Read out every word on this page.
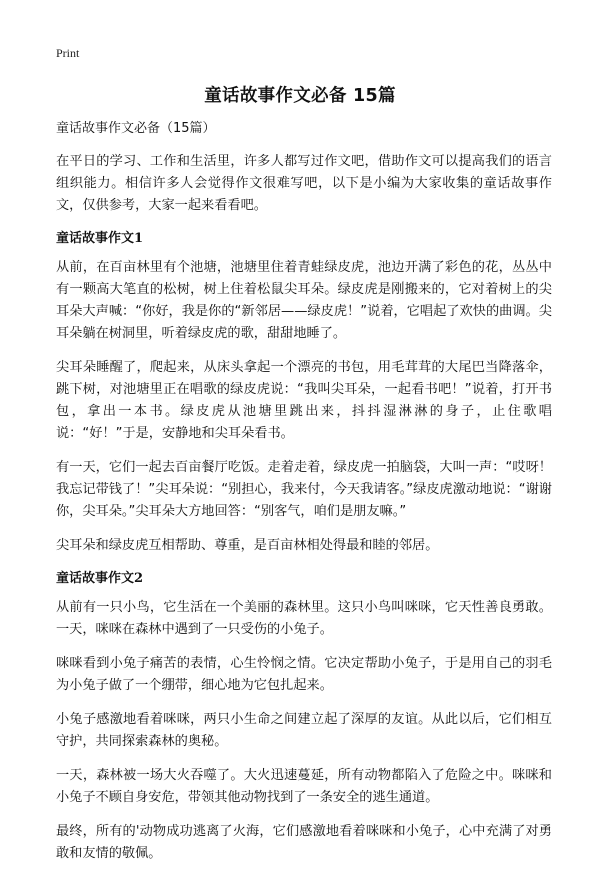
Print
童话故事作文必备 15篇

童话故事作文必备（15篇）

在平日的学习、工作和生活里，许多人都写过作文吧，借助作文可以提高我们的语言组织能力。相信许多人会觉得作文很难写吧，以下是小编为大家收集的童话故事作文，仅供参考，大家一起来看看吧。

童话故事作文1

从前，在百亩林里有个池塘，池塘里住着青蛙绿皮虎，池边开满了彩色的花，丛丛中有一颗高大笔直的松树，树上住着松鼠尖耳朵。绿皮虎是刚搬来的，它对着树上的尖耳朵大声喊：“你好，我是你的“新邻居——绿皮虎！”说着，它唱起了欢快的曲调。尖耳朵躺在树洞里，听着绿皮虎的歌，甜甜地睡了。

尖耳朵睡醒了，爬起来，从床头拿起一个漂亮的书包，用毛茸茸的大尾巴当降落伞，跳下树，对池塘里正在唱歌的绿皮虎说：“我叫尖耳朵，一起看书吧！”说着，打开书包，拿出一本书。绿皮虎从池塘里跳出来，抖抖湿淋淋的身子，止住歌唱说：“好！”于是，安静地和尖耳朵看书。

有一天，它们一起去百亩餐厅吃饭。走着走着，绿皮虎一拍脑袋，大叫一声：“哎呀！我忘记带钱了！”尖耳朵说：“别担心，我来付，今天我请客。”绿皮虎激动地说：“谢谢你，尖耳朵。”尖耳朵大方地回答：“别客气，咱们是朋友嘛。”

尖耳朵和绿皮虎互相帮助、尊重，是百亩林相处得最和睦的邻居。

童话故事作文2

从前有一只小鸟，它生活在一个美丽的森林里。这只小鸟叫咪咪，它天性善良勇敢。一天，咪咪在森林中遇到了一只受伤的小兔子。

咪咪看到小兔子痛苦的表情，心生怜悯之情。它决定帮助小兔子，于是用自己的羽毛为小兔子做了一个绷带，细心地为它包扎起来。

小兔子感激地看着咪咪，两只小生命之间建立起了深厚的友谊。从此以后，它们相互守护，共同探索森林的奥秘。

一天，森林被一场大火吞噬了。大火迅速蔓延，所有动物都陷入了危险之中。咪咪和小兔子不顾自身安危，带领其他动物找到了一条安全的逃生通道。

最终，所有的'动物成功逃离了火海，它们感激地看着咪咪和小兔子，心中充满了对勇敢和友情的敬佩。
